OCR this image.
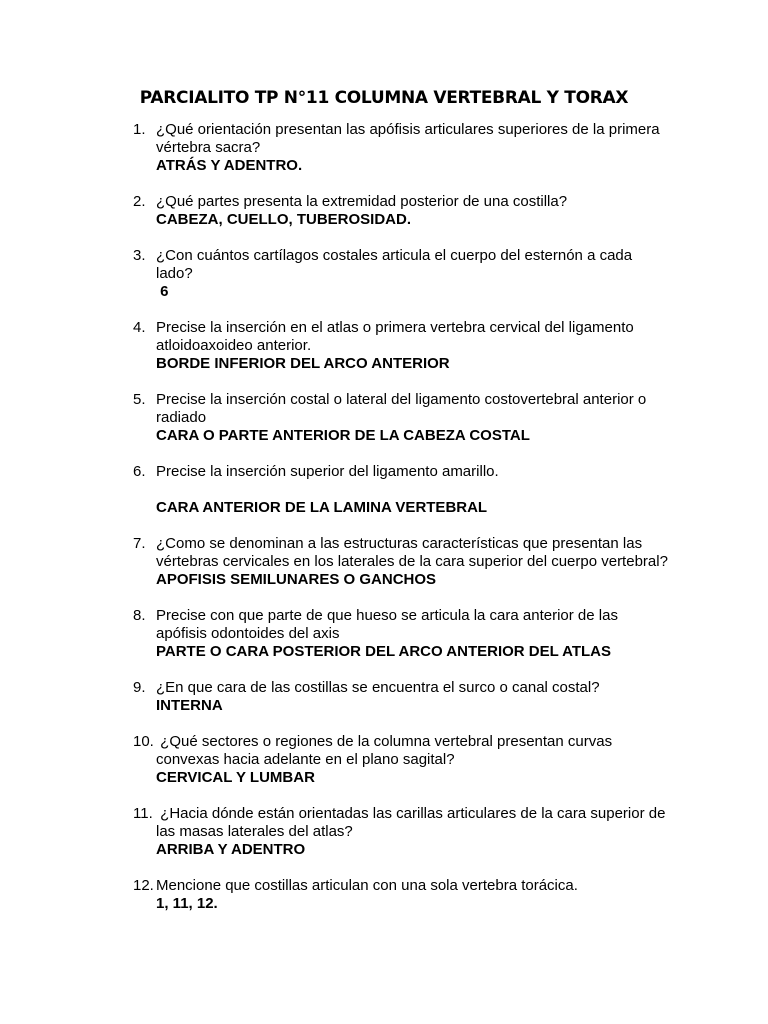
PARCIALITO TP N°11 COLUMNA VERTEBRAL Y TORAX
1. ¿Qué orientación presentan las apófisis articulares superiores de la primera vértebra sacra?
ATRÁS Y ADENTRO.
2. ¿Qué partes presenta la extremidad posterior de una costilla?
CABEZA, CUELLO, TUBEROSIDAD.
3. ¿Con cuántos cartílagos costales articula el cuerpo del esternón a cada lado?
6
4. Precise la inserción en el atlas o primera vertebra cervical del ligamento atloidoaxoideo anterior.
BORDE INFERIOR DEL ARCO ANTERIOR
5. Precise la inserción costal o lateral del ligamento costovertebral anterior o radiado
CARA O PARTE ANTERIOR DE LA CABEZA COSTAL
6. Precise la inserción superior del ligamento amarillo.
CARA ANTERIOR DE LA LAMINA VERTEBRAL
7. ¿Como se denominan a las estructuras características que presentan las vértebras cervicales en los laterales de la cara superior del cuerpo vertebral?
APOFISIS SEMILUNARES O GANCHOS
8. Precise con que parte de que hueso se articula la cara anterior de las apófisis odontoides del axis
PARTE O CARA POSTERIOR DEL ARCO ANTERIOR DEL ATLAS
9. ¿En que cara de las costillas se encuentra el surco o canal costal?
INTERNA
10. ¿Qué sectores o regiones de la columna vertebral presentan curvas convexas hacia adelante en el plano sagital?
CERVICAL Y LUMBAR
11. ¿Hacia dónde están orientadas las carillas articulares de la cara superior de las masas laterales del atlas?
ARRIBA Y ADENTRO
12. Mencione que costillas articulan con una sola vertebra torácica.
1, 11, 12.
